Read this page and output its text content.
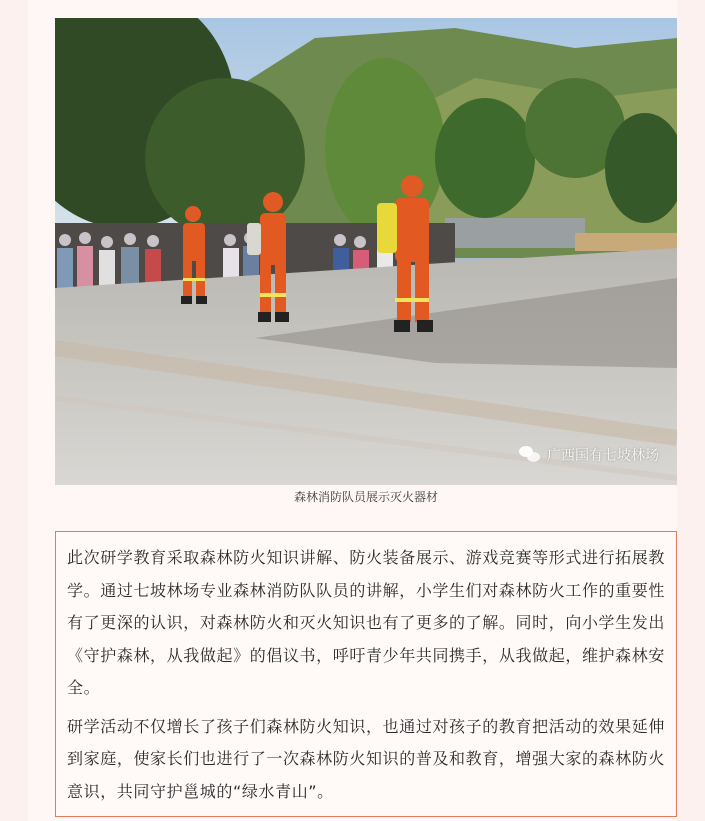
广西国有七坡林场
森林消防队员展示灭火器材

此次研学教育采取森林防火知识讲解、防火装备展示、游戏竞赛等形式进行拓展教学。通过七坡林场专业森林消防队队员的讲解，小学生们对森林防火工作的重要性有了更深的认识，对森林防火和灭火知识也有了更多的了解。同时，向小学生发出《守护森林，从我做起》的倡议书，呼吁青少年共同携手，从我做起，维护森林安全。

研学活动不仅增长了孩子们森林防火知识，也通过对孩子的教育把活动的效果延伸到家庭，使家长们也进行了一次森林防火知识的普及和教育，增强大家的森林防火意识，共同守护邕城的“绿水青山”。
